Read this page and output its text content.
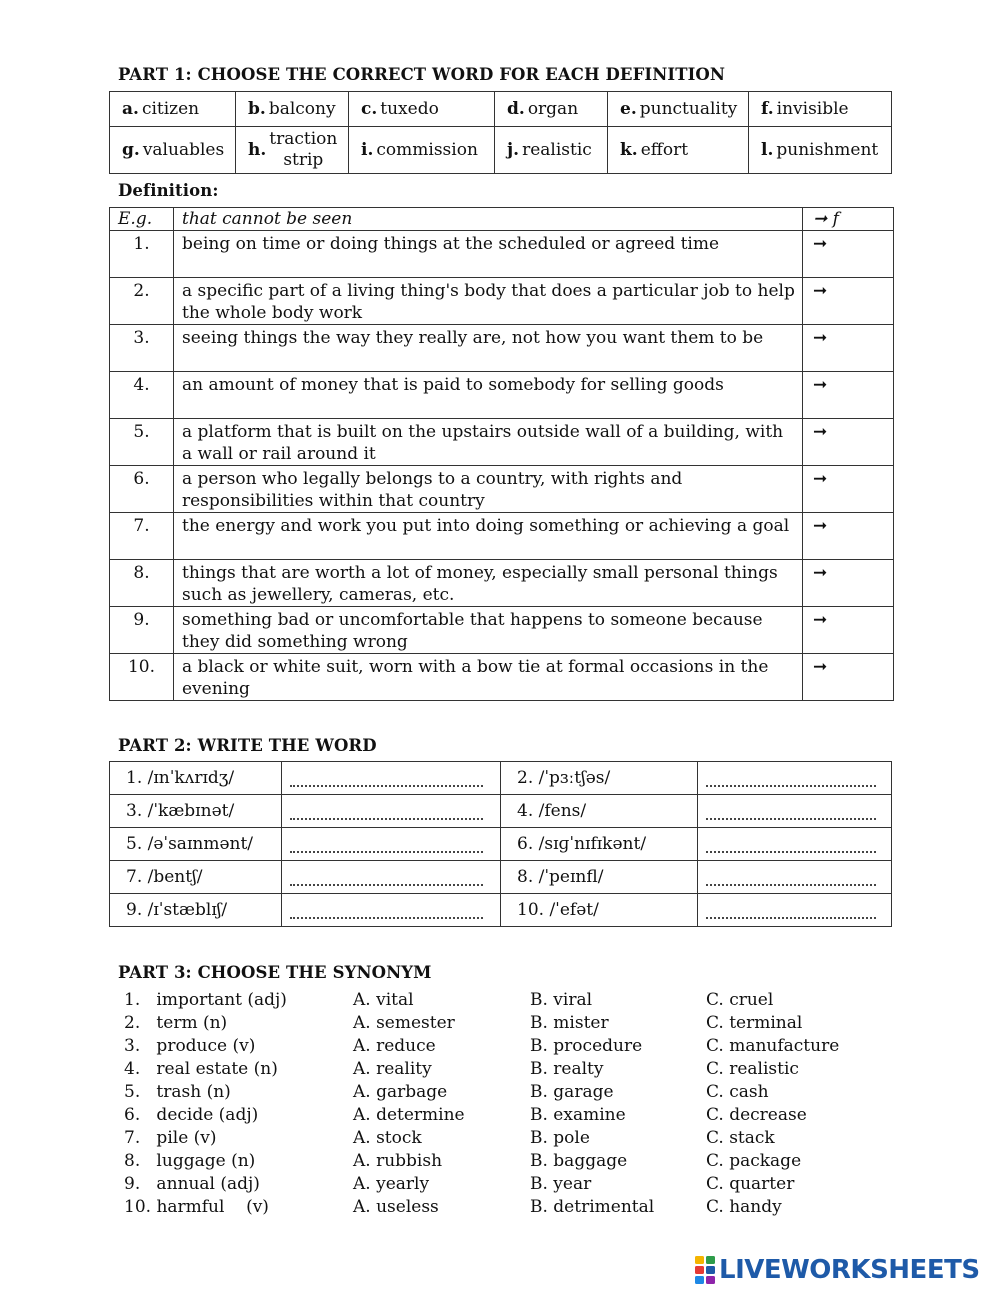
PART 1: CHOOSE THE CORRECT WORD FOR EACH DEFINITION
a. citizen	b. balcony	c. tuxedo	d. organ	e. punctuality	f. invisible
g. valuables	h.traction
strip	i. commission	j. realistic	k. effort	l. punishment
Definition:
E.g.	that cannot be seen	➞ f
1.	being on time or doing things at the scheduled or agreed time	➞
2.	a specific part of a living thing's body that does a particular job to help the whole body work	➞
3.	seeing things the way they really are, not how you want them to be	➞
4.	an amount of money that is paid to somebody for selling goods	➞
5.	a platform that is built on the upstairs outside wall of a building, with a wall or rail around it	➞
6.	a person who legally belongs to a country, with rights and responsibilities within that country	➞
7.	the energy and work you put into doing something or achieving a goal	➞
8.	things that are worth a lot of money, especially small personal things such as jewellery, cameras, etc.	➞
9.	something bad or uncomfortable that happens to someone because they did something wrong	➞
10.	a black or white suit, worn with a bow tie at formal occasions in the evening	➞
PART 2: WRITE THE WORD
1. /ɪnˈkʌrɪdʒ/		2. /ˈpɜːtʃəs/	

3. /ˈkæbɪnət/		4. /fens/	

5. /əˈsaɪnmənt/		6. /sɪɡˈnɪfɪkənt/	

7. /bentʃ/		8. /ˈpeɪnfl/	

9. /ɪˈstæblɪʃ/		10. /ˈefət/	
PART 3: CHOOSE THE SYNONYM
1.   important (adj)	A. vital	B. viral	C. cruel
2.   term (n)	A. semester	B. mister	C. terminal
3.   produce (v)	A. reduce	B. procedure	C. manufacture
4.   real estate (n)	A. reality	B. realty	C. realistic
5.   trash (n)	A. garbage	B. garage	C. cash
6.   decide (adj)	A. determine	B. examine	C. decrease
7.   pile (v)	A. stock	B. pole	C. stack
8.   luggage (n)	A. rubbish	B. baggage	C. package
9.   annual (adj)	A. yearly	B. year	C. quarter
10. harmful    (v)	A. useless	B. detrimental	C. handy
LIVEWORKSHEETS
